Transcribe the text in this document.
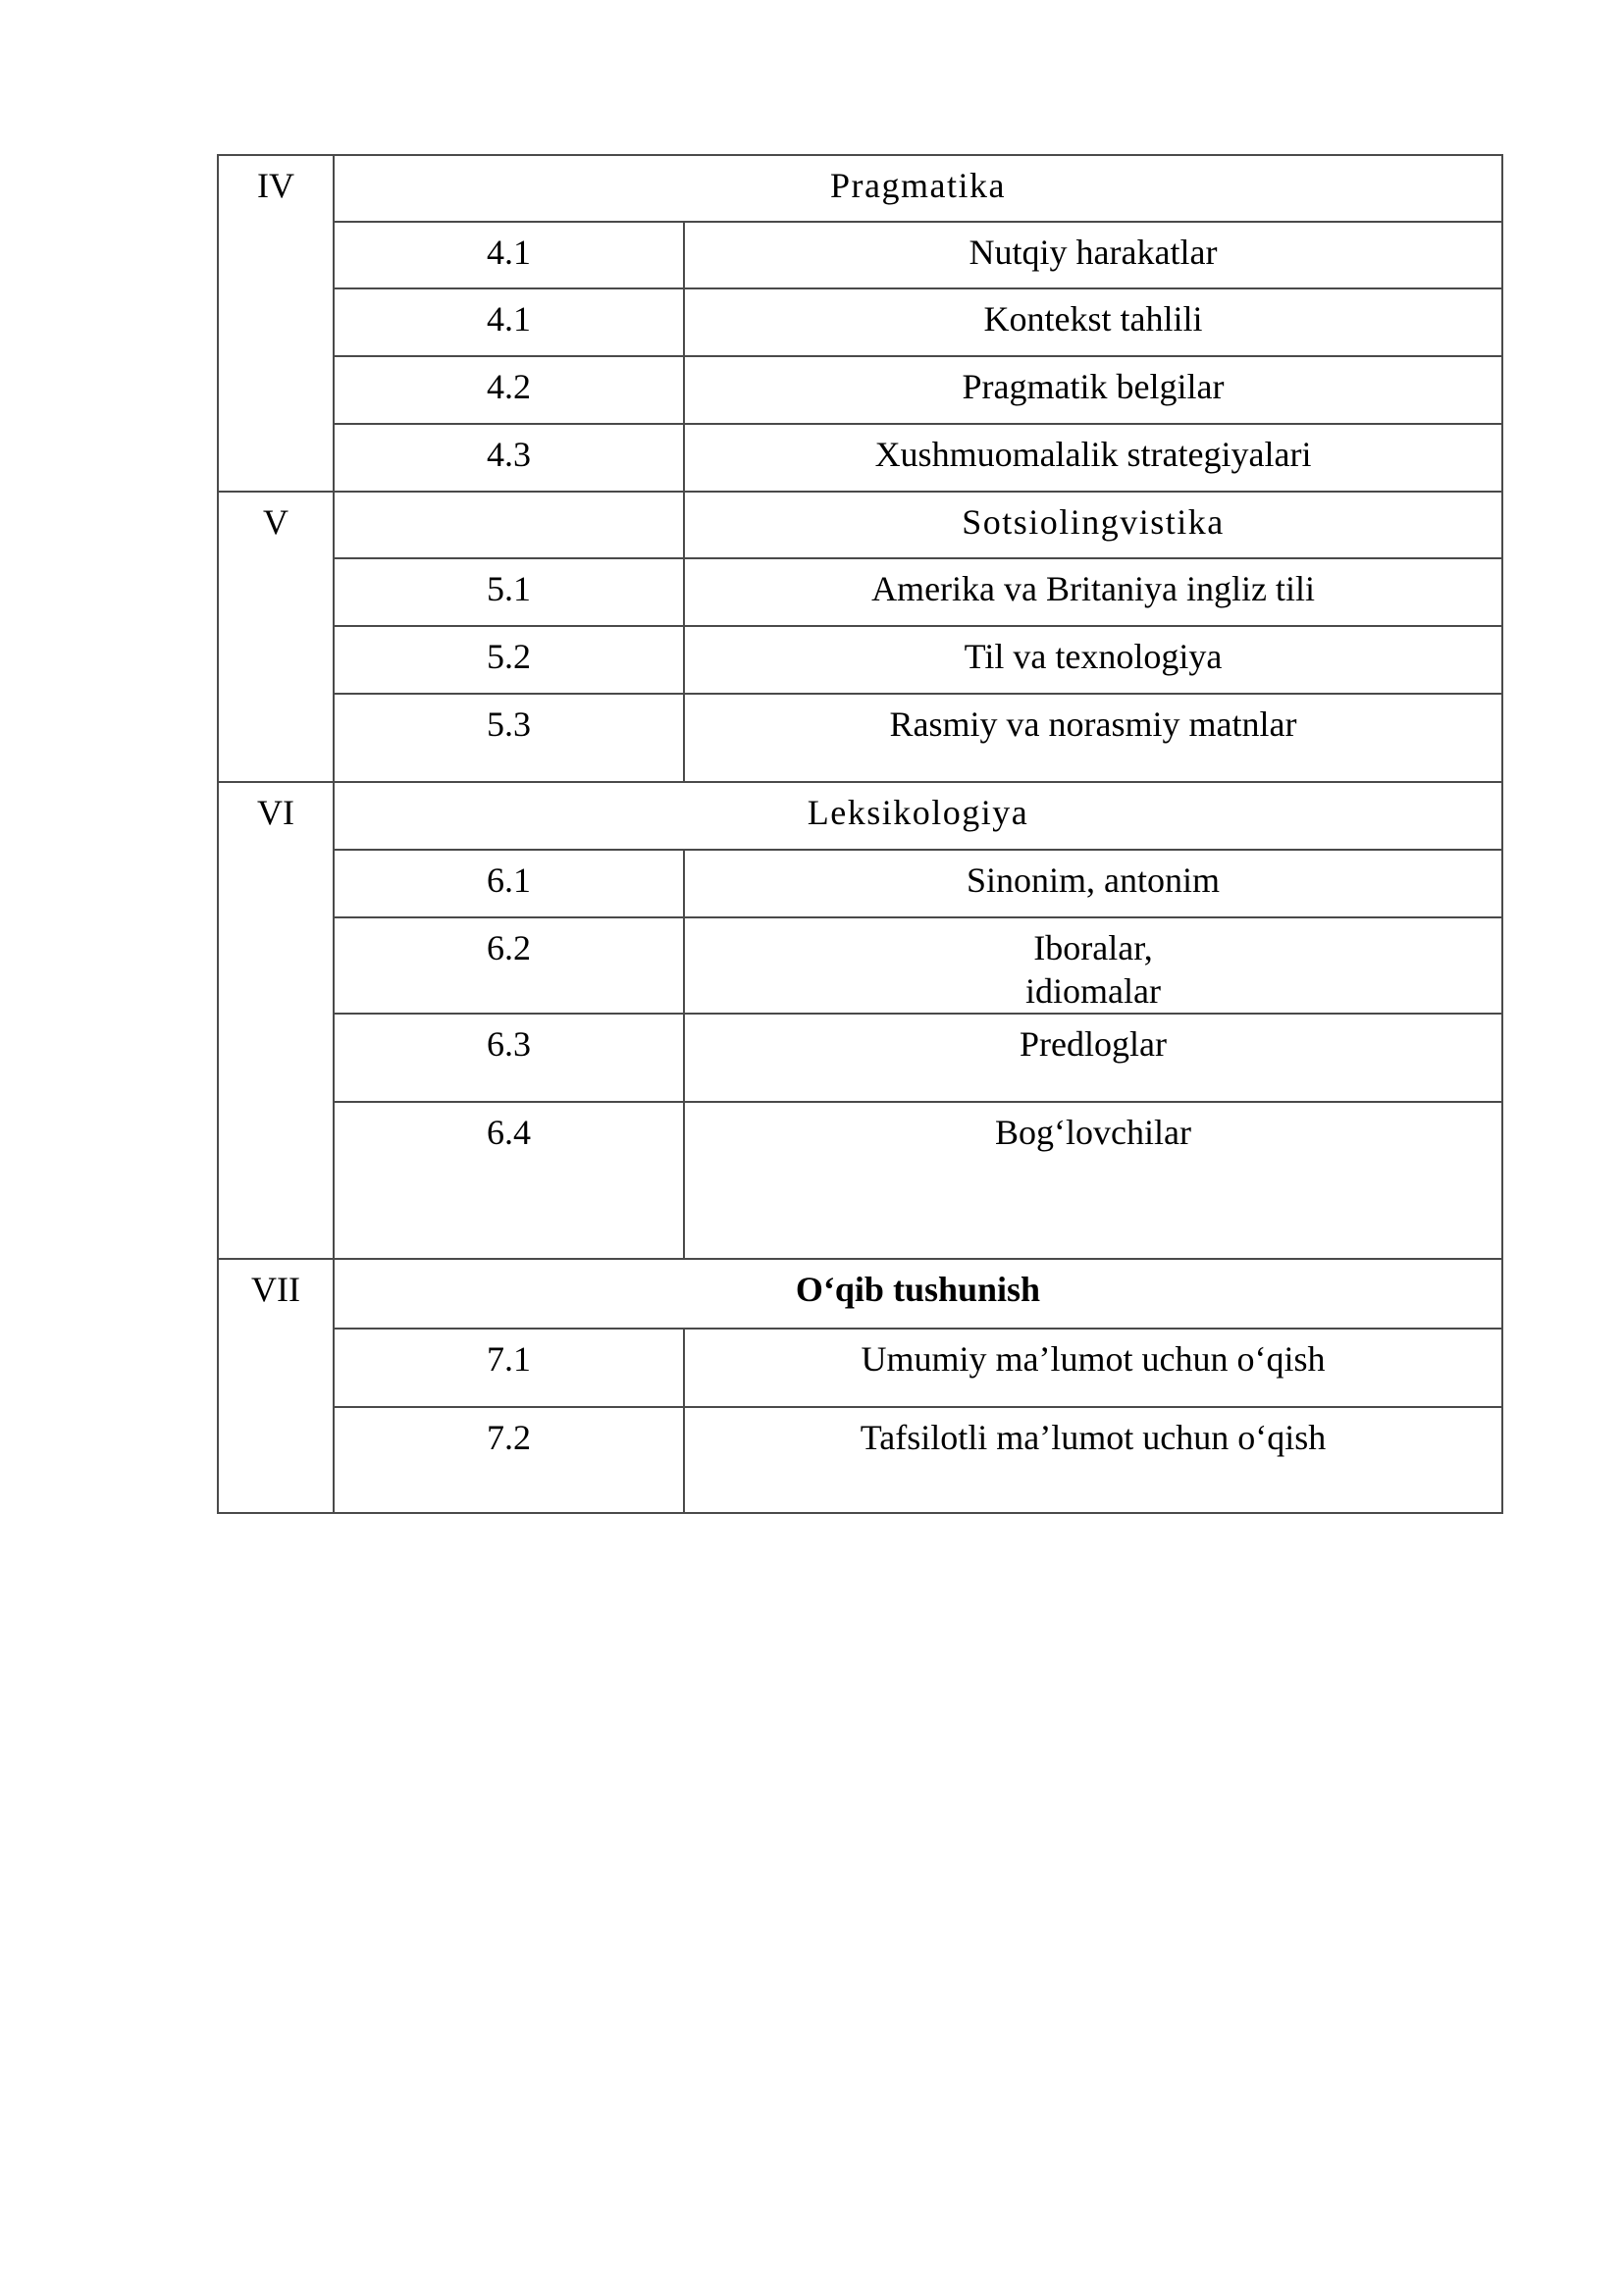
IV	Pragmatika	
	4.1	Nutqiy harakatlar

	4.1	Kontekst tahlili

	4.2	Pragmatik belgilar

	4.3	Xushmuomalalik strategiyalari

V		Sotsiolingvistika
	5.1	Amerika va Britaniya ingliz tili

	5.2	Til va texnologiya

	5.3	Rasmiy va norasmiy matnlar

VI	Leksikologiya	
	6.1	Sinonim, antonim

	6.2	Iboralar,
idiomalar

	6.3	Predloglar

	6.4	Bog‘lovchilar

VII	O‘qib tushunish	
	7.1	Umumiy ma’lumot uchun o‘qish

	7.2	Tafsilotli ma’lumot uchun o‘qish
